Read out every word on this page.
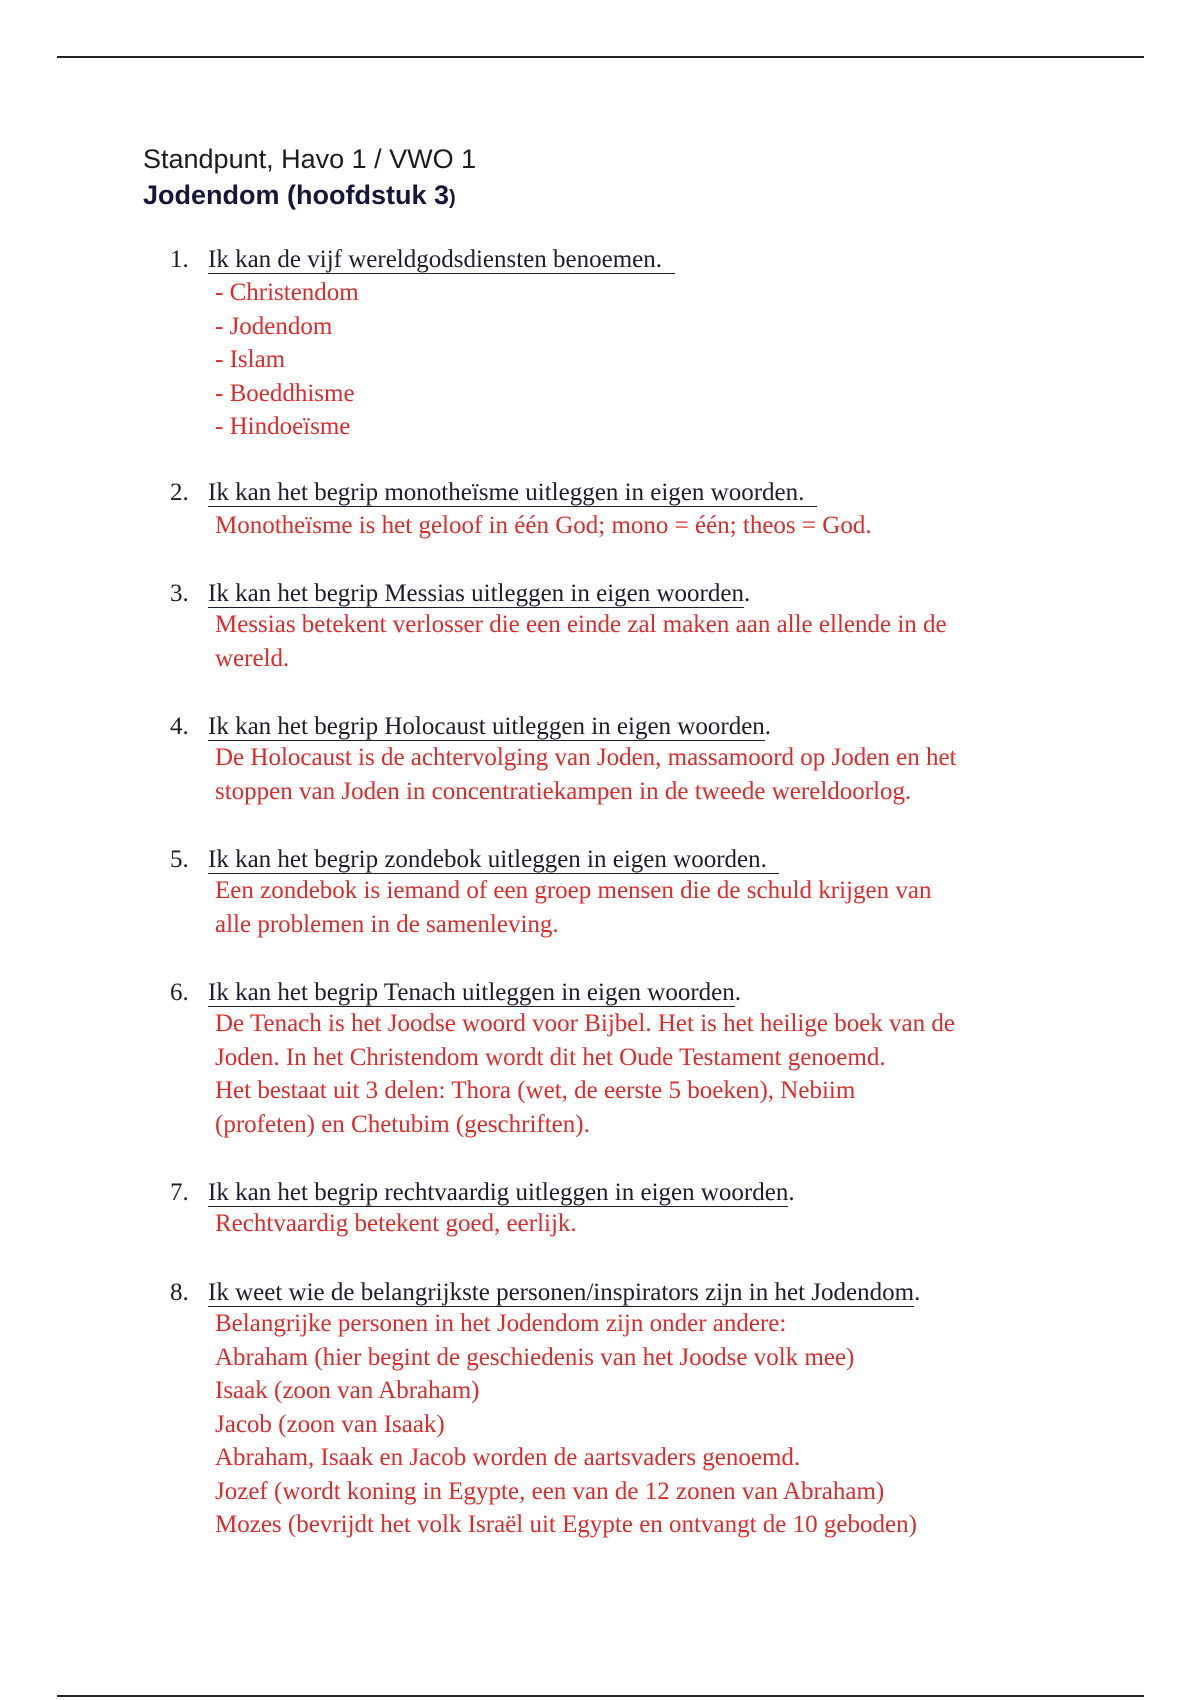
Standpunt, Havo 1 / VWO 1
Jodendom (hoofdstuk 3)
1. Ik kan de vijf wereldgodsdiensten benoemen.
- Christendom
- Jodendom
- Islam
- Boeddhisme
- Hindoeïsme
2. Ik kan het begrip monotheïsme uitleggen in eigen woorden.
Monotheïsme is het geloof in één God; mono = één; theos = God.
3. Ik kan het begrip Messias uitleggen in eigen woorden.
Messias betekent verlosser die een einde zal maken aan alle ellende in de
wereld.
4. Ik kan het begrip Holocaust uitleggen in eigen woorden.
De Holocaust is de achtervolging van Joden, massamoord op Joden en het
stoppen van Joden in concentratiekampen in de tweede wereldoorlog.
5. Ik kan het begrip zondebok uitleggen in eigen woorden.
Een zondebok is iemand of een groep mensen die de schuld krijgen van
alle problemen in de samenleving.
6. Ik kan het begrip Tenach uitleggen in eigen woorden.
De Tenach is het Joodse woord voor Bijbel. Het is het heilige boek van de
Joden. In het Christendom wordt dit het Oude Testament genoemd.
Het bestaat uit 3 delen: Thora (wet, de eerste 5 boeken), Nebiim
(profeten) en Chetubim (geschriften).
7. Ik kan het begrip rechtvaardig uitleggen in eigen woorden.
Rechtvaardig betekent goed, eerlijk.
8. Ik weet wie de belangrijkste personen/inspirators zijn in het Jodendom.
Belangrijke personen in het Jodendom zijn onder andere:
Abraham (hier begint de geschiedenis van het Joodse volk mee)
Isaak (zoon van Abraham)
Jacob (zoon van Isaak)
Abraham, Isaak en Jacob worden de aartsvaders genoemd.
Jozef (wordt koning in Egypte, een van de 12 zonen van Abraham)
Mozes (bevrijdt het volk Israël uit Egypte en ontvangt de 10 geboden)
